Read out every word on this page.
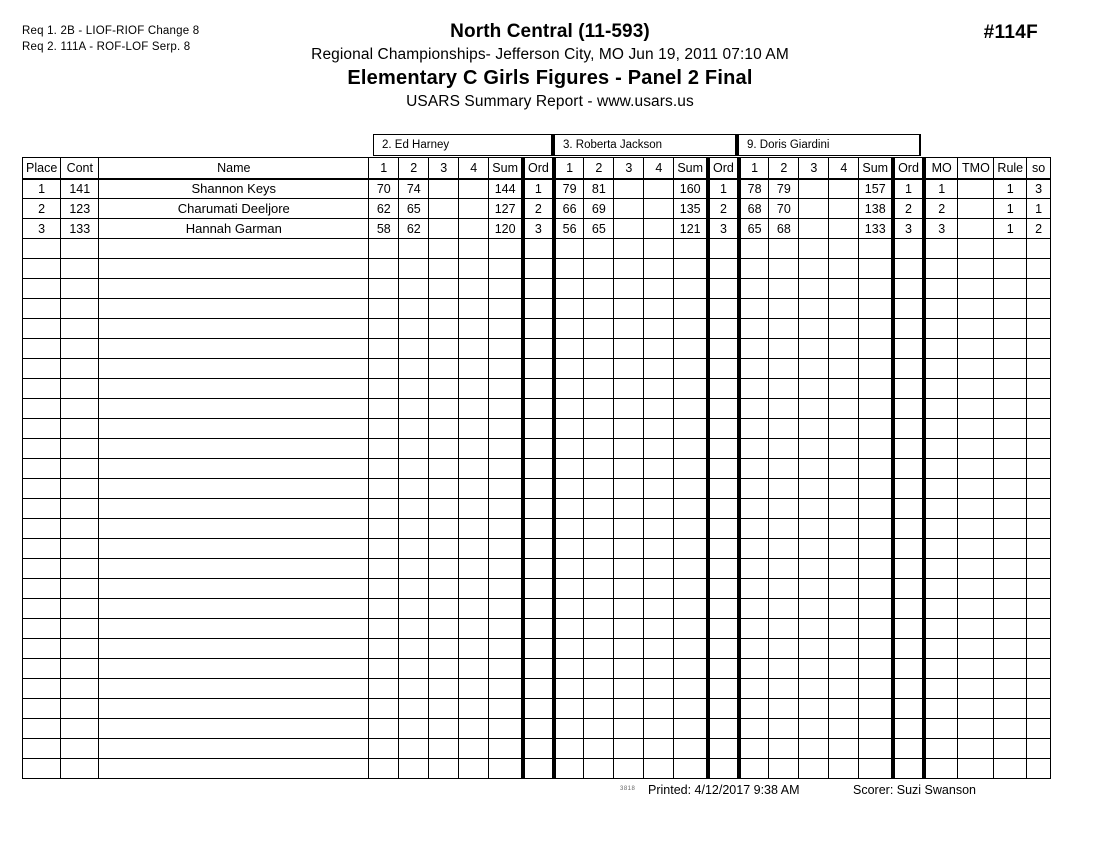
Req 1. 2B - LIOF-RIOF Change 8
Req 2. 111A - ROF-LOF Serp. 8
#114F
North Central (11-593)
Regional Championships- Jefferson City, MO Jun 19, 2011 07:10 AM
Elementary C Girls Figures - Panel 2 Final
USARS Summary Report - www.usars.us
2. Ed Harney	3. Roberta Jackson	9. Doris Giardini
Place	Cont	Name	1	2	3	4	Sum	Ord	1	2	3	4	Sum	Ord	1	2	3	4	Sum	Ord	MO	TMO	Rule	so
1	141	Shannon Keys	70	74			144	1	79	81			160	1	78	79			157	1	1		1	3
2	123	Charumati Deeljore	62	65			127	2	66	69			135	2	68	70			138	2	2		1	1
3	133	Hannah Garman	58	62			120	3	56	65			121	3	65	68			133	3	3		1	2

3818 Printed: 4/12/2017 9:38 AM	Scorer: Suzi Swanson
